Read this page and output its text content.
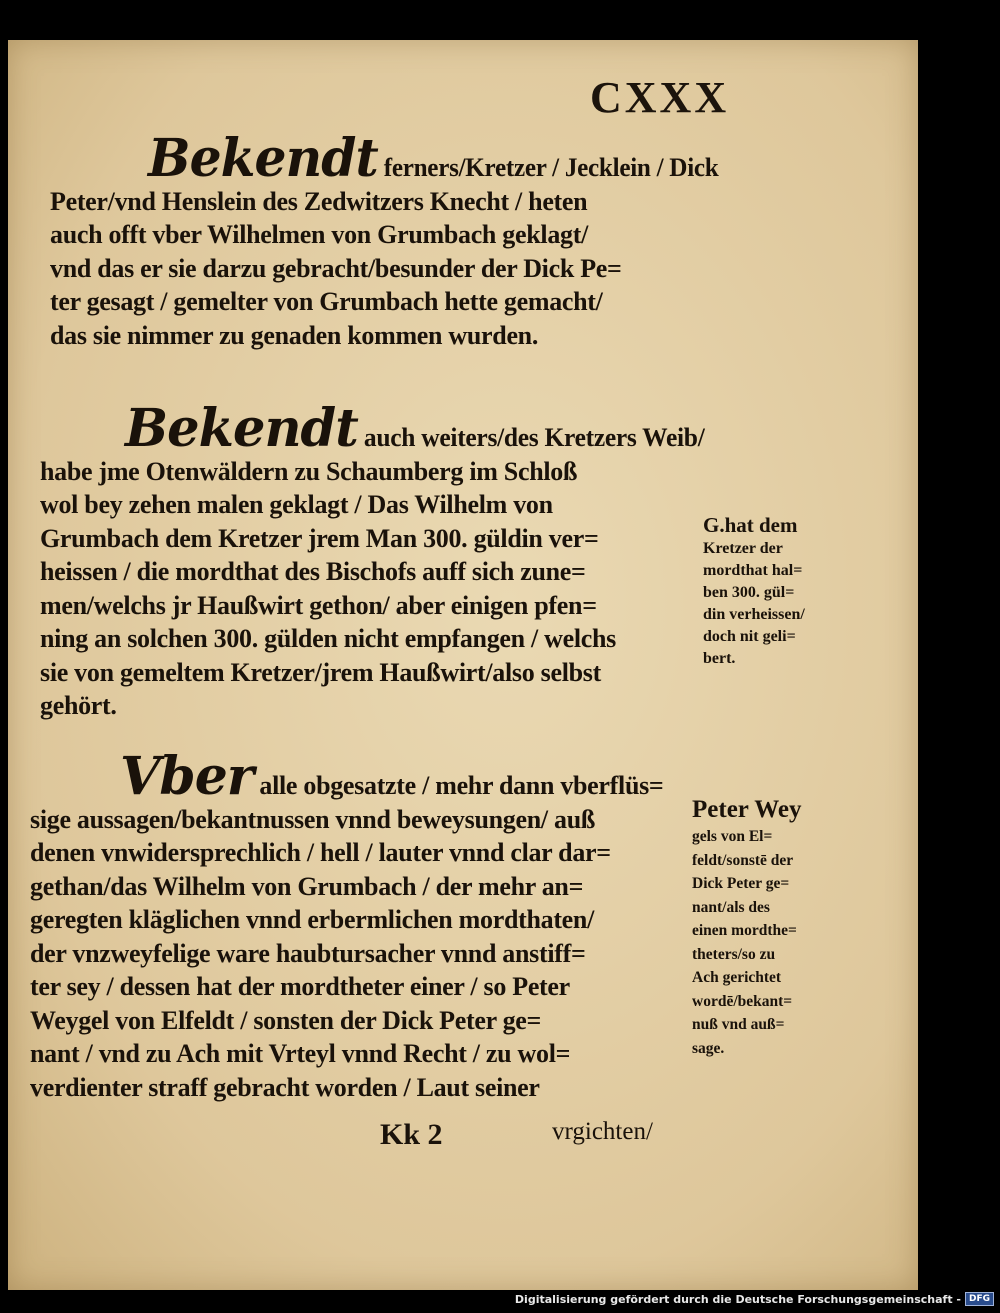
CXXX
Bekendt ferners/Kretzer / Jecklein / Dick
Peter/vnd Henslein des Zedwitzers Knecht / heten
auch offt vber Wilhelmen von Grumbach geklagt/
vnd das er sie darzu gebracht/besunder der Dick Pe=
ter gesagt / gemelter von Grumbach hette gemacht/
das sie nimmer zu genaden kommen wurden.
Bekendt auch weiters/des Kretzers Weib/
habe jme Otenwäldern zu Schaumberg im Schloß
wol bey zehen malen geklagt / Das Wilhelm von
Grumbach dem Kretzer jrem Man 300. güldin ver=
heissen / die mordthat des Bischofs auff sich zune=
men/welchs jr Haußwirt gethon/ aber einigen pfen=
ning an solchen 300. gülden nicht empfangen / welchs
sie von gemeltem Kretzer/jrem Haußwirt/also selbst
gehört.
G.hat dem
Kretzer der
mordthat hal=
ben 300. gül=
din verheissen/
doch nit geli=
bert.
Vber alle obgesatzte / mehr dann vberflüs=
sige aussagen/bekantnussen vnnd beweysungen/ auß
denen vnwidersprechlich / hell / lauter vnnd clar dar=
gethan/das Wilhelm von Grumbach / der mehr an=
geregten kläglichen vnnd erbermlichen mordthaten/
der vnzweyfelige ware haubtursacher vnnd anstiff=
ter sey / dessen hat der mordtheter einer / so Peter
Weygel von Elfeldt / sonsten der Dick Peter ge=
nant / vnd zu Ach mit Vrteyl vnnd Recht / zu wol=
verdienter straff gebracht worden / Laut seiner
Peter Wey
gels von El=
feldt/sonstē der
Dick Peter ge=
nant/als des
einen mordthe=
theters/so zu
Ach gerichtet
wordē/bekant=
nuß vnd auß=
sage.
Kk 2	vrgichten/
Digitalisierung gefördert durch die Deutsche Forschungsgemeinschaft - DFG
